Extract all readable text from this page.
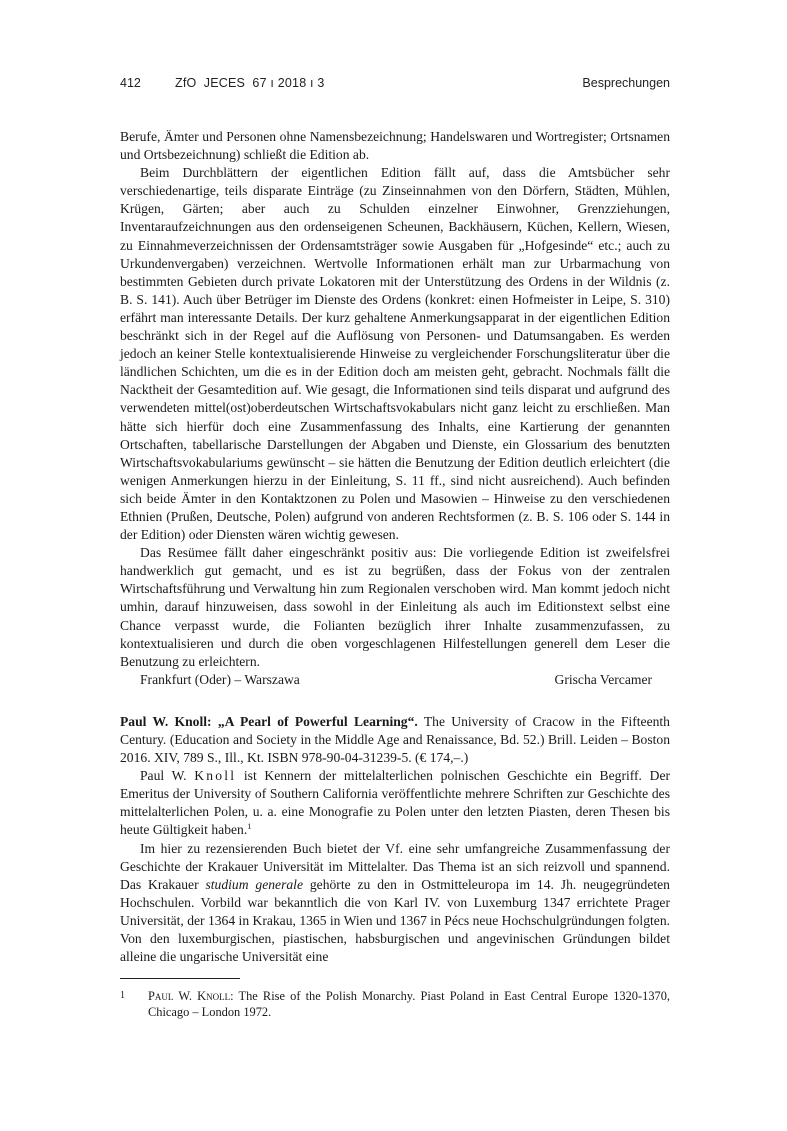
412	ZfO  JECES  67 ı 2018 ı 3	Besprechungen

Berufe, Ämter und Personen ohne Namensbezeichnung; Handelswaren und Wortregister; Ortsnamen und Ortsbezeichnung) schließt die Edition ab.

Beim Durchblättern der eigentlichen Edition fällt auf, dass die Amtsbücher sehr verschiedenartige, teils disparate Einträge (zu Zinseinnahmen von den Dörfern, Städten, Mühlen, Krügen, Gärten; aber auch zu Schulden einzelner Einwohner, Grenzziehungen, Inventaraufzeichnungen aus den ordenseigenen Scheunen, Backhäusern, Küchen, Kellern, Wiesen, zu Einnahmeverzeichnissen der Ordensamtsträger sowie Ausgaben für „Hofgesinde“ etc.; auch zu Urkundenvergaben) verzeichnen. Wertvolle Informationen erhält man zur Urbarmachung von bestimmten Gebieten durch private Lokatoren mit der Unterstützung des Ordens in der Wildnis (z. B. S. 141). Auch über Betrüger im Dienste des Ordens (konkret: einen Hofmeister in Leipe, S. 310) erfährt man interessante Details. Der kurz gehaltene Anmerkungsapparat in der eigentlichen Edition beschränkt sich in der Regel auf die Auflösung von Personen- und Datumsangaben. Es werden jedoch an keiner Stelle kontextualisierende Hinweise zu vergleichender Forschungsliteratur über die ländlichen Schichten, um die es in der Edition doch am meisten geht, gebracht. Nochmals fällt die Nacktheit der Gesamtedition auf. Wie gesagt, die Informationen sind teils disparat und aufgrund des verwendeten mittel(ost)oberdeutschen Wirtschaftsvokabulars nicht ganz leicht zu erschließen. Man hätte sich hierfür doch eine Zusammenfassung des Inhalts, eine Kartierung der genannten Ortschaften, tabellarische Darstellungen der Abgaben und Dienste, ein Glossarium des benutzten Wirtschaftsvokabulariums gewünscht – sie hätten die Benutzung der Edition deutlich erleichtert (die wenigen Anmerkungen hierzu in der Einleitung, S. 11 ff., sind nicht ausreichend). Auch befinden sich beide Ämter in den Kontaktzonen zu Polen und Masowien – Hinweise zu den verschiedenen Ethnien (Prußen, Deutsche, Polen) aufgrund von anderen Rechtsformen (z. B. S. 106 oder S. 144 in der Edition) oder Diensten wären wichtig gewesen.

Das Resümee fällt daher eingeschränkt positiv aus: Die vorliegende Edition ist zweifelsfrei handwerklich gut gemacht, und es ist zu begrüßen, dass der Fokus von der zentralen Wirtschaftsführung und Verwaltung hin zum Regionalen verschoben wird. Man kommt jedoch nicht umhin, darauf hinzuweisen, dass sowohl in der Einleitung als auch im Editionstext selbst eine Chance verpasst wurde, die Folianten bezüglich ihrer Inhalte zusammenzufassen, zu kontextualisieren und durch die oben vorgeschlagenen Hilfestellungen generell dem Leser die Benutzung zu erleichtern.

Frankfurt (Oder) – Warszawa	Grischa Vercamer

Paul W. Knoll: „A Pearl of Powerful Learning“. The University of Cracow in the Fifteenth Century. (Education and Society in the Middle Age and Renaissance, Bd. 52.) Brill. Leiden – Boston 2016. XIV, 789 S., Ill., Kt. ISBN 978-90-04-31239-5. (€ 174,–.)

Paul W. Knoll ist Kennern der mittelalterlichen polnischen Geschichte ein Begriff. Der Emeritus der University of Southern California veröffentlichte mehrere Schriften zur Geschichte des mittelalterlichen Polen, u. a. eine Monografie zu Polen unter den letzten Piasten, deren Thesen bis heute Gültigkeit haben.$^1$

Im hier zu rezensierenden Buch bietet der Vf. eine sehr umfangreiche Zusammenfassung der Geschichte der Krakauer Universität im Mittelalter. Das Thema ist an sich reizvoll und spannend. Das Krakauer studium generale gehörte zu den in Ostmitteleuropa im 14. Jh. neugegründeten Hochschulen. Vorbild war bekanntlich die von Karl IV. von Luxemburg 1347 errichtete Prager Universität, der 1364 in Krakau, 1365 in Wien und 1367 in Pécs neue Hochschulgründungen folgten. Von den luxemburgischen, piastischen, habsburgischen und angevinischen Gründungen bildet alleine die ungarische Universität eine

1 Paul W. Knoll: The Rise of the Polish Monarchy. Piast Poland in East Central Europe 1320-1370, Chicago – London 1972.
